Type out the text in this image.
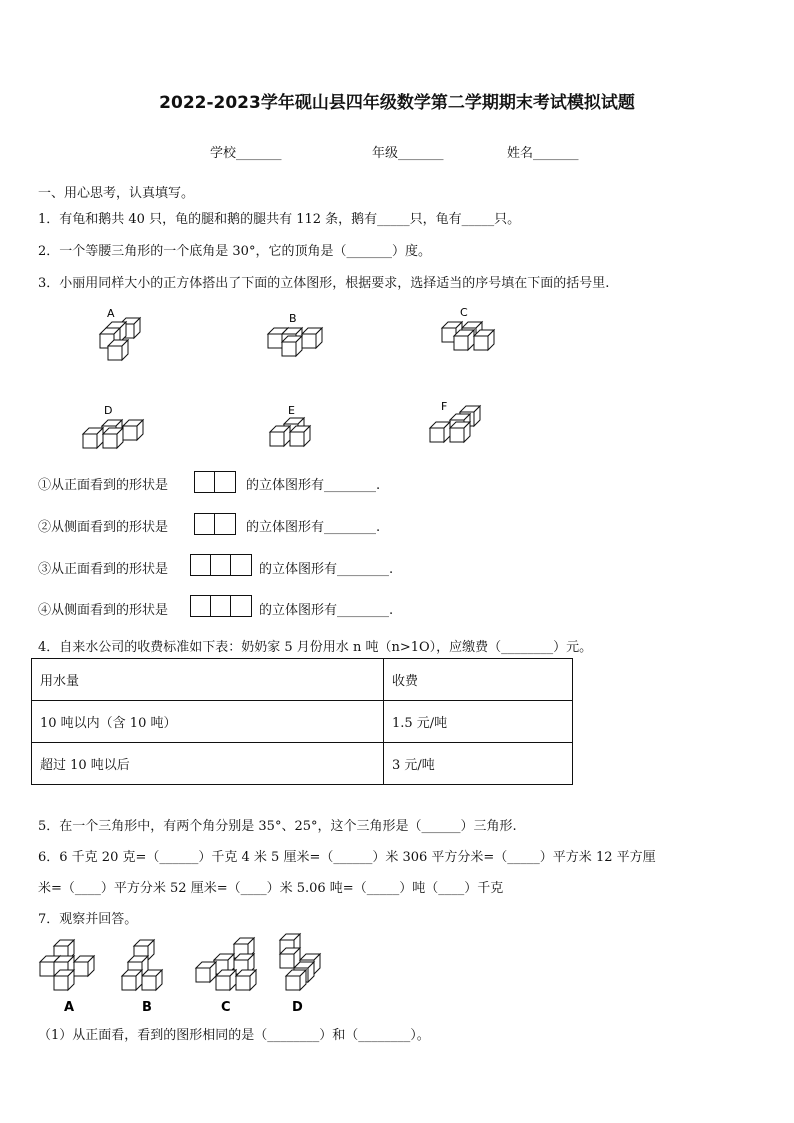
2022-2023学年砚山县四年级数学第二学期期末考试模拟试题
学校_______	年级_______	姓名_______
一、用心思考，认真填写。
1．有龟和鹅共 40 只，龟的腿和鹅的腿共有 112 条，鹅有_____只，龟有_____只。
2．一个等腰三角形的一个底角是 30°，它的顶角是（_______）度。
3．小丽用同样大小的正方体搭出了下面的立体图形，根据要求，选择适当的序号填在下面的括号里.
A	B	C
D	E	F
①从正面看到的形状是	的立体图形有________.
②从侧面看到的形状是	的立体图形有________.
③从正面看到的形状是	的立体图形有________.
④从侧面看到的形状是	的立体图形有________.
4．自来水公司的收费标准如下表：奶奶家 5 月份用水 n 吨（n>1O），应缴费（________）元。
用水量	收费
10 吨以内（含 10 吨）	1.5 元/吨
超过 10 吨以后	3 元/吨
5．在一个三角形中，有两个角分别是 35°、25°，这个三角形是（______）三角形.
6．6 千克 20 克=（______）千克 4 米 5 厘米=（______）米 306 平方分米=（_____）平方米 12 平方厘
米=（____）平方分米 52 厘米=（____）米 5.06 吨=（_____）吨（____）千克
7．观察并回答。
A	B	C	D
（1）从正面看，看到的图形相同的是（________）和（________）。
